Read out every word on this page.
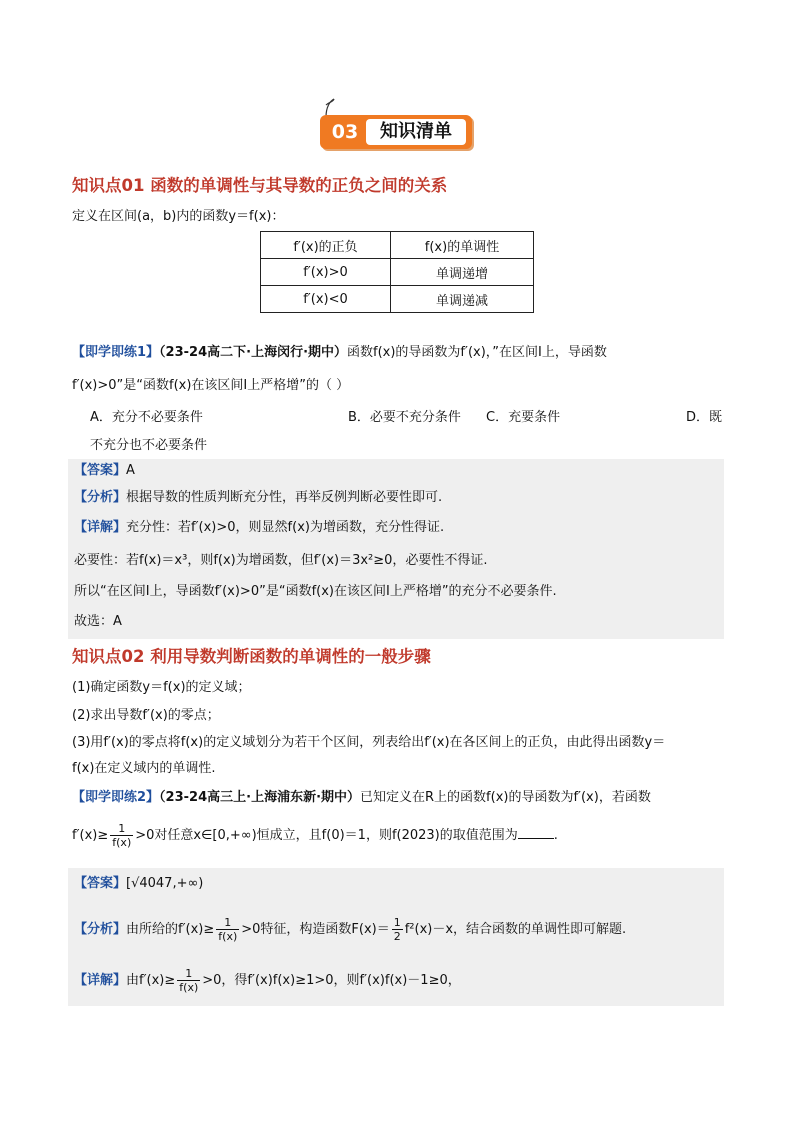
03	知识清单
知识点01 函数的单调性与其导数的正负之间的关系
定义在区间(a，b)内的函数y＝f(x)：
f′(x)的正负	f(x)的单调性
f′(x)>0	单调递增
f′(x)<0	单调递减
【即学即练1】（23-24高二下·上海闵行·期中）函数f(x)的导函数为f′(x)，”在区间I上，导函数
f′(x)>0”是“函数f(x)在该区间I上严格增”的（ ）
A．充分不必要条件	B．必要不充分条件 C．充要条件	D．既
不充分也不必要条件
【答案】A
【分析】根据导数的性质判断充分性，再举反例判断必要性即可.
【详解】充分性：若f′(x)>0，则显然f(x)为增函数，充分性得证.
必要性：若f(x)＝x³，则f(x)为增函数，但f′(x)＝3x²≥0，必要性不得证.
所以“在区间I上，导函数f′(x)>0”是“函数f(x)在该区间I上严格增”的充分不必要条件.
故选：A
知识点02 利用导数判断函数的单调性的一般步骤
(1)确定函数y＝f(x)的定义域；
(2)求出导数f′(x)的零点；
(3)用f′(x)的零点将f(x)的定义域划分为若干个区间，列表给出f′(x)在各区间上的正负，由此得出函数y＝
f(x)在定义域内的单调性.
【即学即练2】（23-24高三上·上海浦东新·期中）已知定义在R上的函数f(x)的导函数为f′(x)，若函数
$f'(x)\ge \frac{1}{f(x)} >0$对任意x∈[0,+∞)恒成立，且f(0)＝1，则f(2023)的取值范围为	.
【答案】[√4047,+∞)
【分析】由所给的$f'(x)\ge \frac{1}{f(x)} >0$特征，构造函数$F(x)= \frac{1}{2} f^2(x)-x$，结合函数的单调性即可解题.
【详解】由$f'(x)\ge \frac{1}{f(x)} >0$，得f′(x)f(x)≥1>0，则f′(x)f(x)－1≥0，
